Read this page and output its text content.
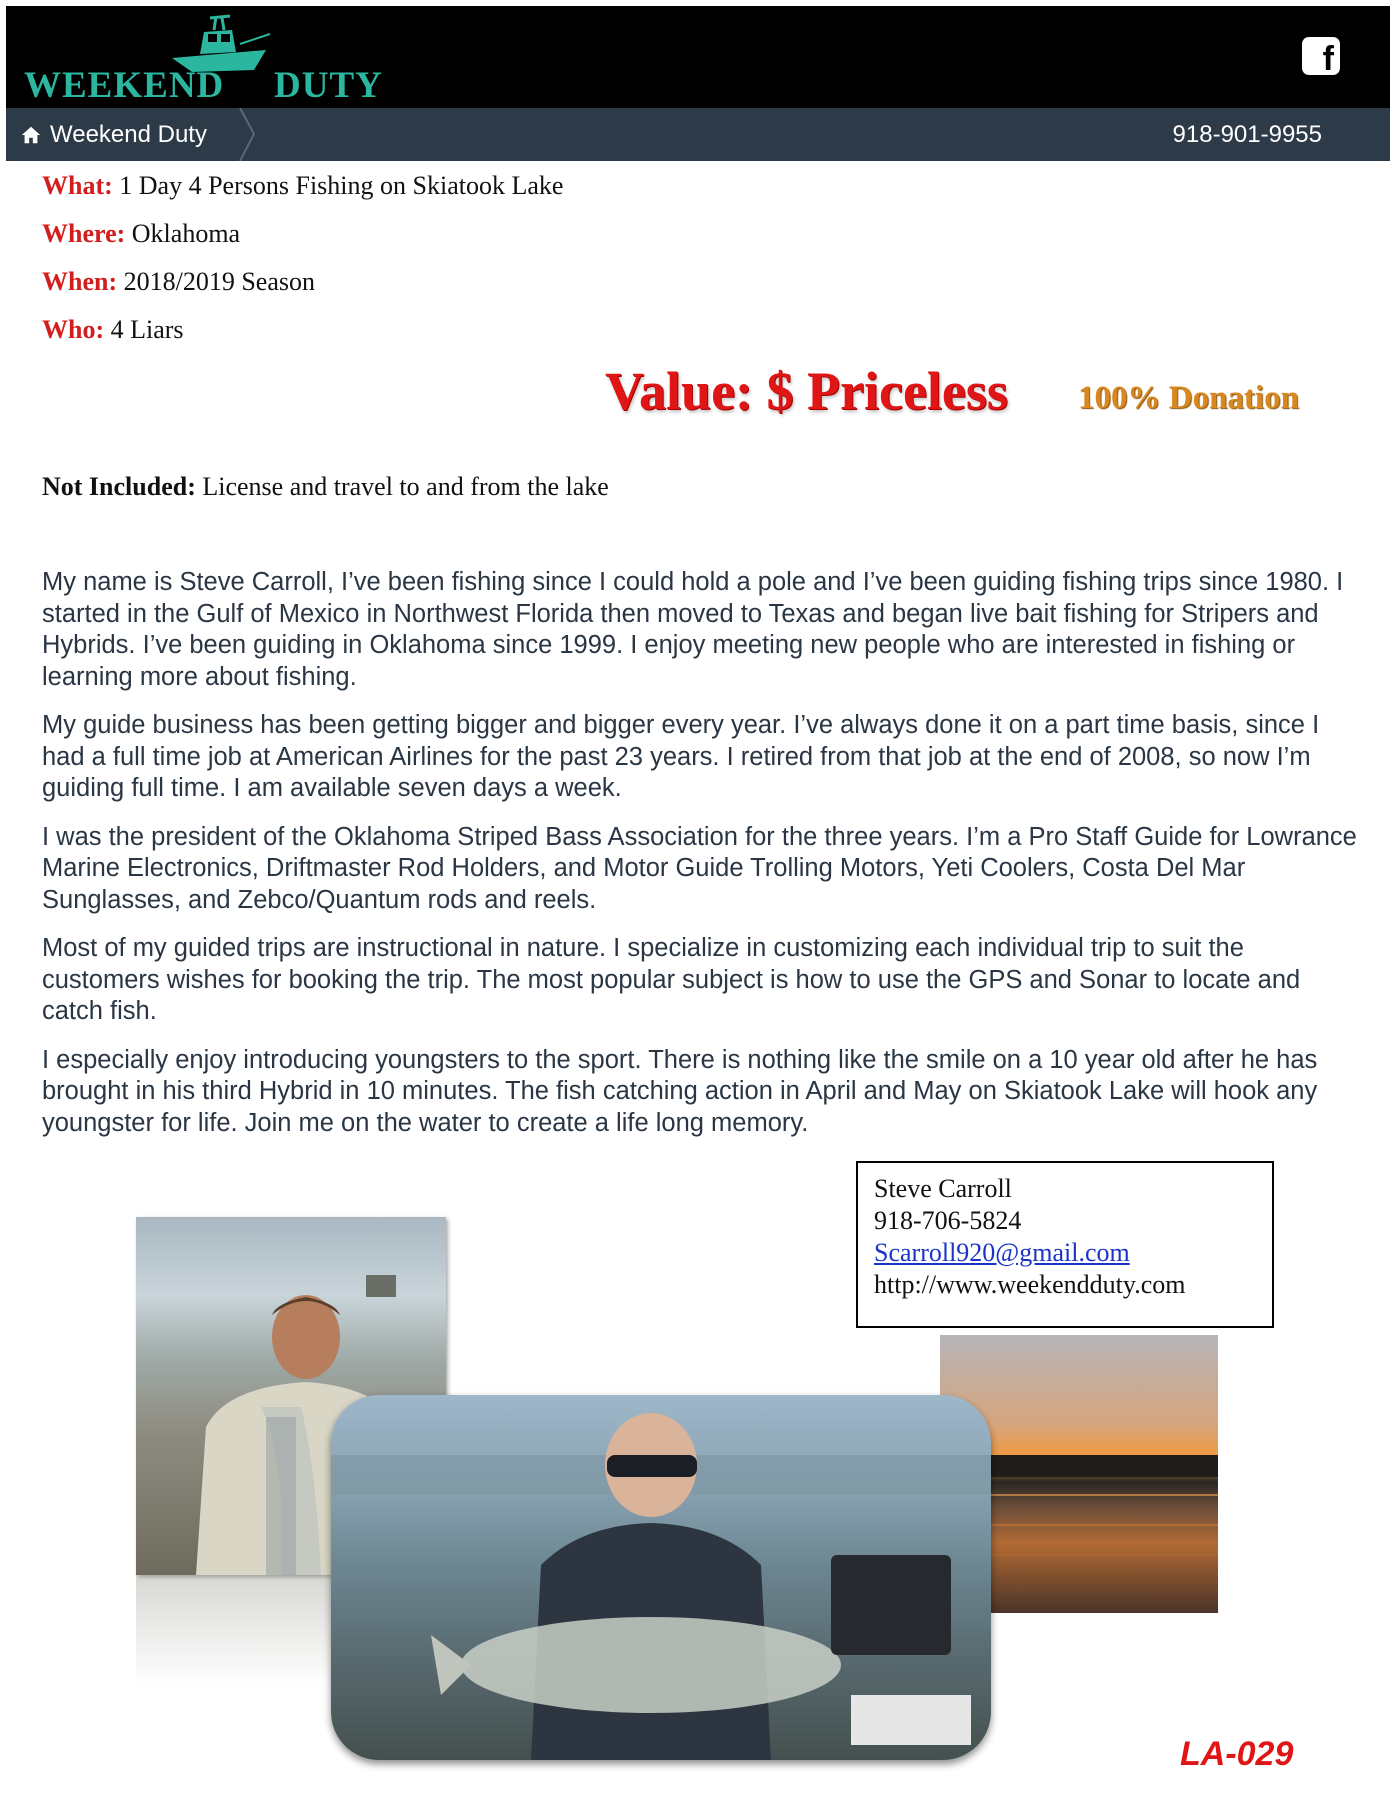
WEEKEND DUTY
f
Weekend Duty	918-901-9955
What: 1 Day 4 Persons Fishing on Skiatook Lake
Where: Oklahoma
When: 2018/2019 Season
Who: 4 Liars
Value: $ Priceless 100% Donation
Not Included: License and travel to and from the lake

My name is Steve Carroll, I’ve been fishing since I could hold a pole and I’ve been guiding fishing trips since 1980. I started in the Gulf of Mexico in Northwest Florida then moved to Texas and began live bait fishing for Stripers and Hybrids. I’ve been guiding in Oklahoma since 1999. I enjoy meeting new people who are interested in fishing or learning more about fishing.

My guide business has been getting bigger and bigger every year. I’ve always done it on a part time basis, since I had a full time job at American Airlines for the past 23 years. I retired from that job at the end of 2008, so now I’m guiding full time. I am available seven days a week.

I was the president of the Oklahoma Striped Bass Association for the three years. I’m a Pro Staff Guide for Lowrance Marine Electronics, Driftmaster Rod Holders, and Motor Guide Trolling Motors, Yeti Coolers, Costa Del Mar Sunglasses, and Zebco/Quantum rods and reels.

Most of my guided trips are instructional in nature. I specialize in customizing each individual trip to suit the customers wishes for booking the trip. The most popular subject is how to use the GPS and Sonar to locate and catch fish.

I especially enjoy introducing youngsters to the sport. There is nothing like the smile on a 10 year old after he has brought in his third Hybrid in 10 minutes. The fish catching action in April and May on Skiatook Lake will hook any youngster for life. Join me on the water to create a life long memory.

Steve Carroll
918-706-5824
Scarroll920@gmail.com
http://www.weekendduty.com
LA-029
